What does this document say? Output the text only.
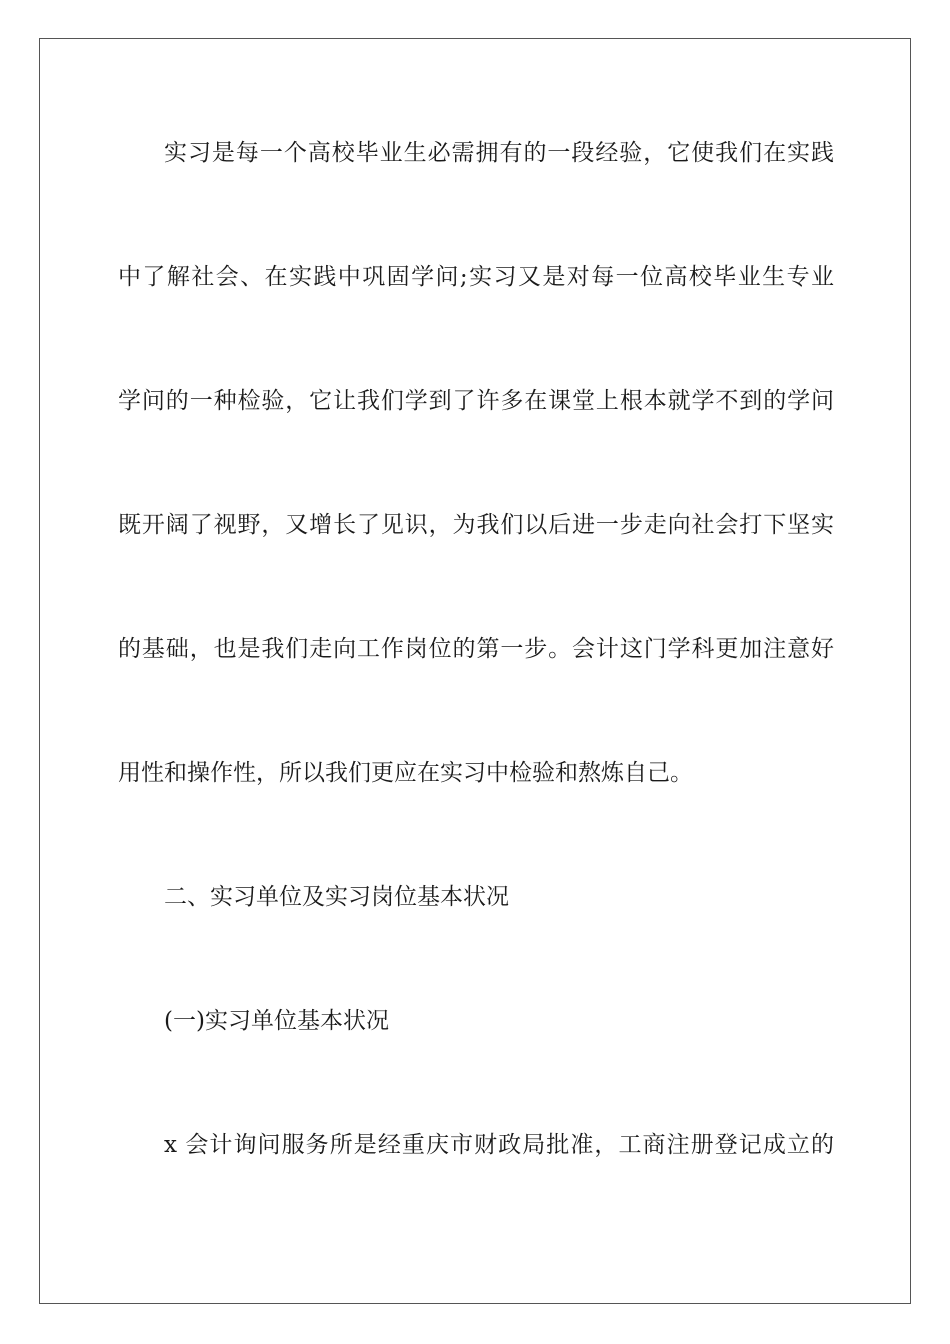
实习是每一个高校毕业生必需拥有的一段经验，它使我们在实践
中了解社会、在实践中巩固学问;实习又是对每一位高校毕业生专业
学问的一种检验，它让我们学到了许多在课堂上根本就学不到的学问
既开阔了视野，又增长了见识，为我们以后进一步走向社会打下坚实
的基础，也是我们走向工作岗位的第一步。会计这门学科更加注意好
用性和操作性，所以我们更应在实习中检验和熬炼自己。
二、实习单位及实习岗位基本状况
(一)实习单位基本状况
x 会计询问服务所是经重庆市财政局批准，工商注册登记成立的
